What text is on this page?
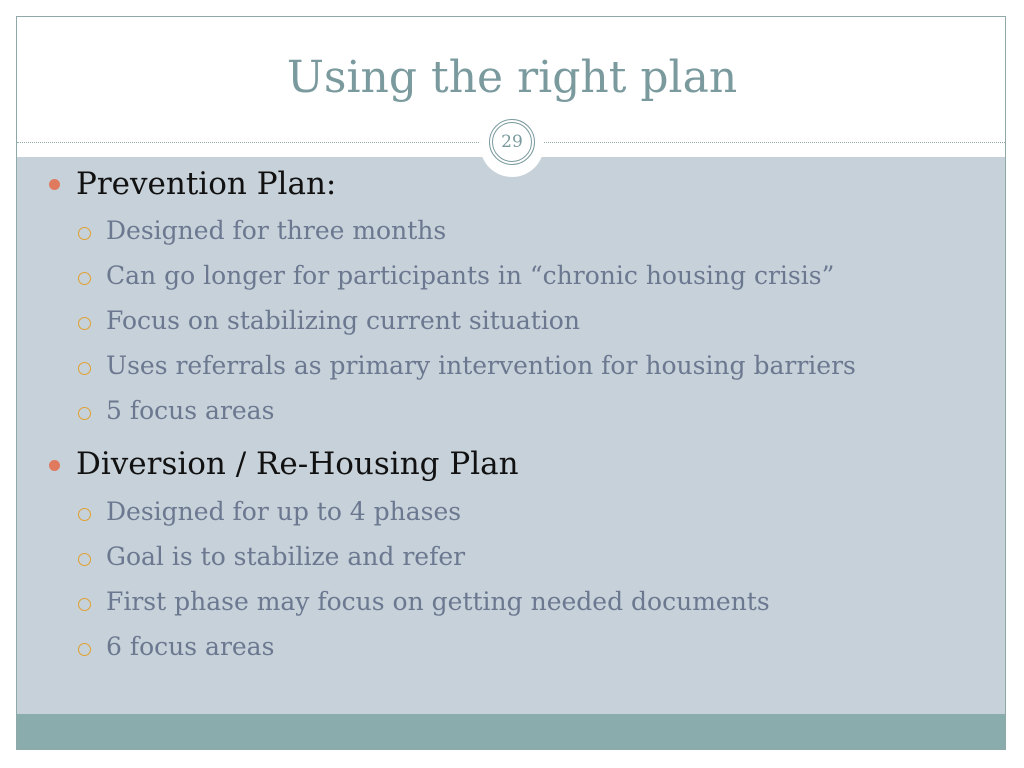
Using the right plan
29
Prevention Plan:
Designed for three months
Can go longer for participants in “chronic housing crisis”
Focus on stabilizing current situation
Uses referrals as primary intervention for housing barriers
5 focus areas
Diversion / Re-Housing Plan
Designed for up to 4 phases
Goal is to stabilize and refer
First phase may focus on getting needed documents
6 focus areas
